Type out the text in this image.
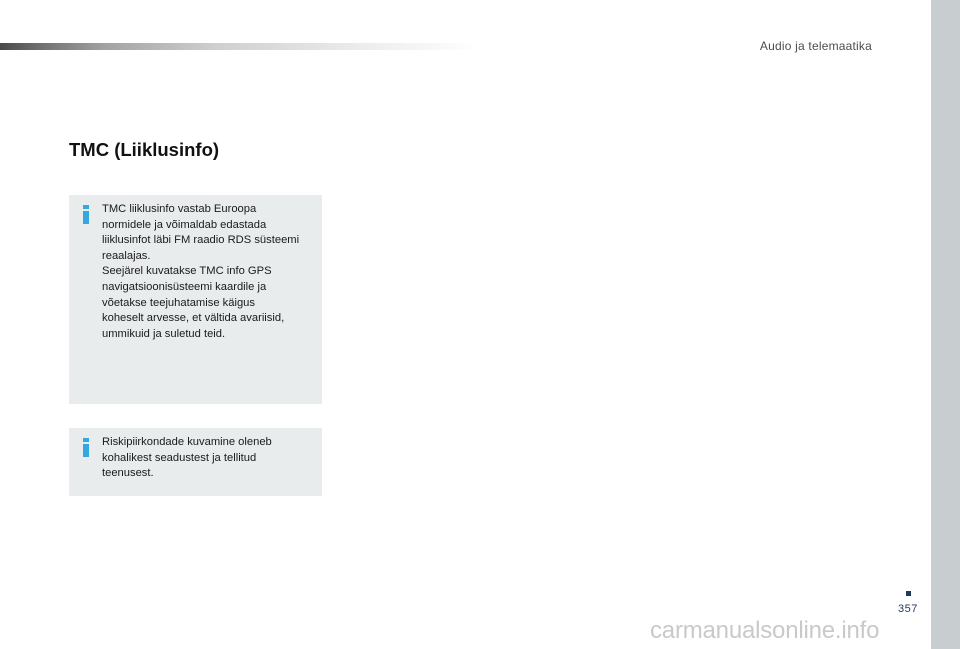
Audio ja telemaatika

TMC (Liiklusinfo)

TMC liiklusinfo vastab Euroopa
normidele ja võimaldab edastada
liiklusinfot läbi FM raadio RDS süsteemi
reaalajas.
Seejärel kuvatakse TMC info GPS
navigatsioonisüsteemi kaardile ja
võetakse teejuhatamise käigus
koheselt arvesse, et vältida avariisid,
ummikuid ja suletud teid.

Riskipiirkondade kuvamine oleneb
kohalikest seadustest ja tellitud
teenusest.

357

carmanualsonline.info
